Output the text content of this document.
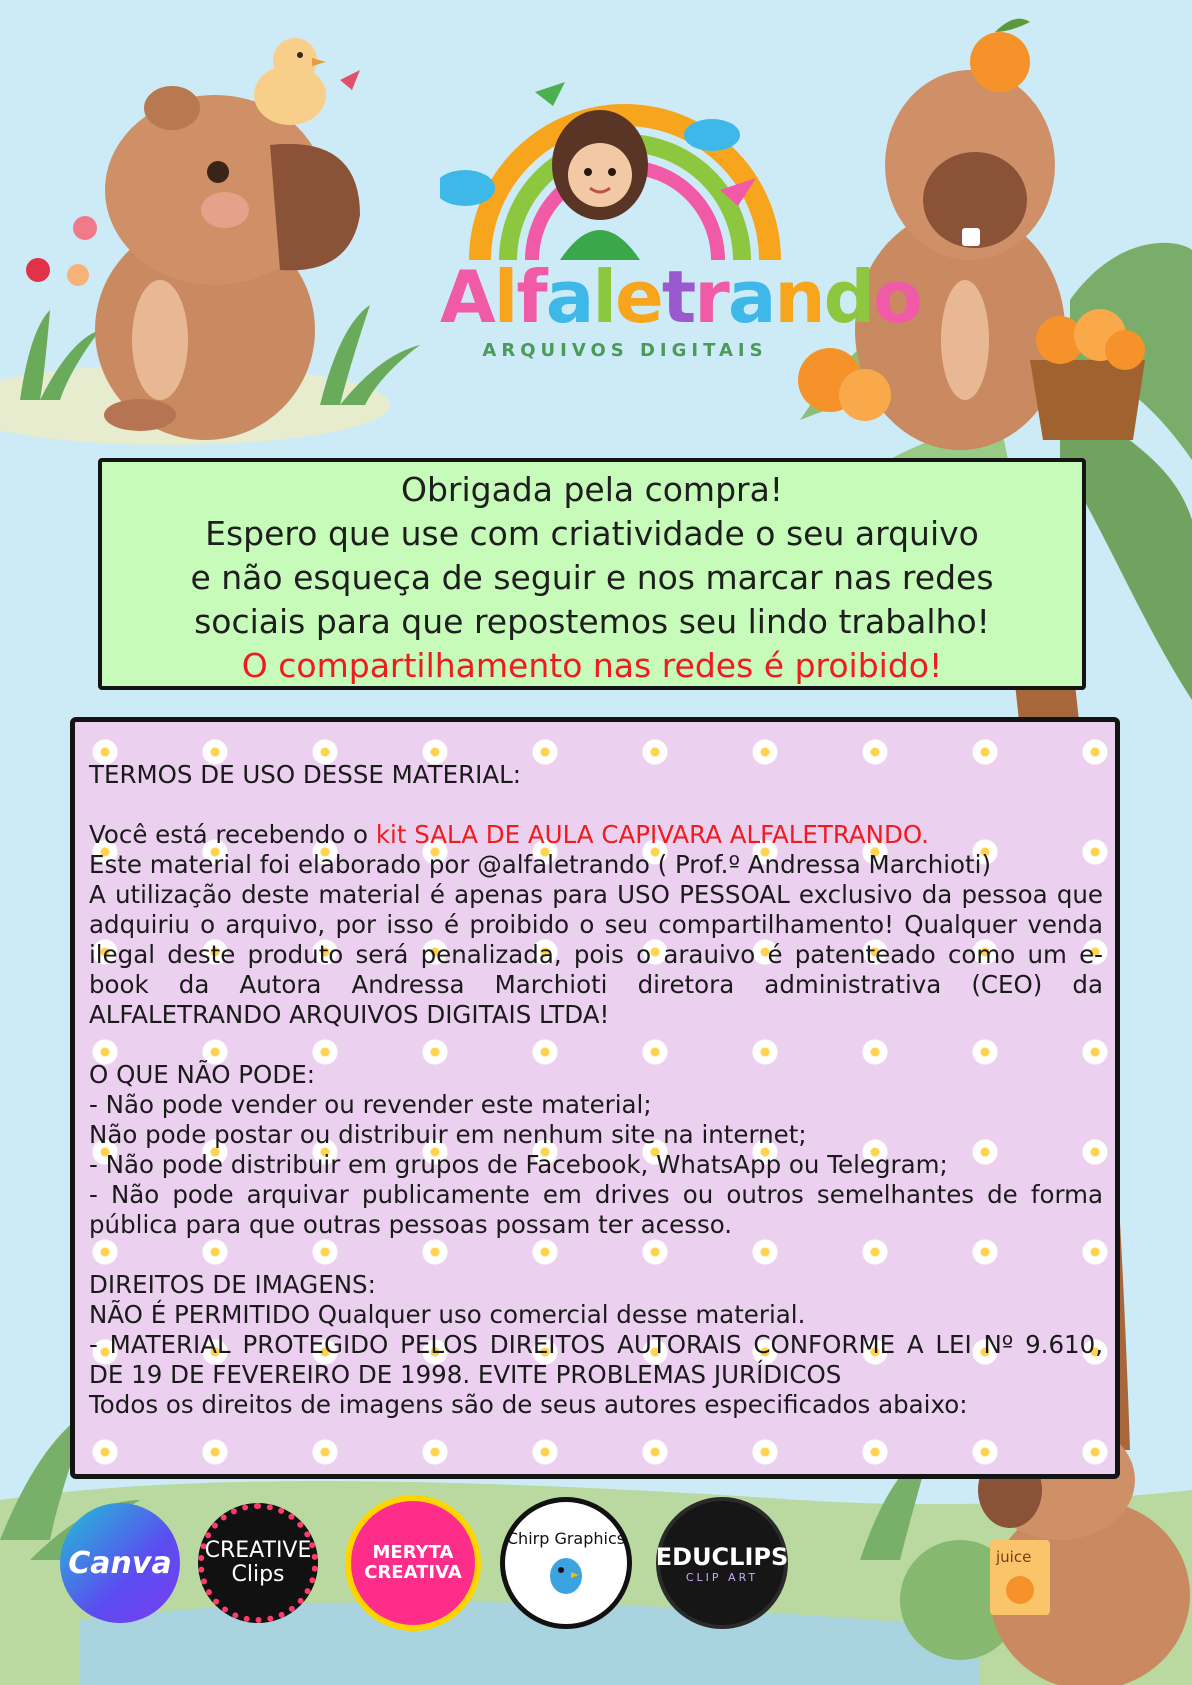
juice
Alfaletrando
ARQUIVOS DIGITAIS
Obrigada pela compra!
Espero que use com criatividade o seu arquivo
e não esqueça de seguir e nos marcar nas redes
sociais para que repostemos seu lindo trabalho!
O compartilhamento nas redes é proibido!

TERMOS DE USO DESSE MATERIAL:

Você está recebendo o kit SALA DE AULA CAPIVARA ALFALETRANDO.

Este material foi elaborado por @alfaletrando ( Prof.º Andressa Marchioti)

A utilização deste material é apenas para USO PESSOAL exclusivo da pessoa que adquiriu o arquivo, por isso é proibido o seu compartilhamento! Qualquer venda ilegal deste produto será penalizada, pois o arauivo é patenteado como um e-book da Autora Andressa Marchioti diretora administrativa (CEO) da ALFALETRANDO ARQUIVOS DIGITAIS LTDA!

O QUE NÃO PODE:

- Não pode vender ou revender este material;

Não pode postar ou distribuir em nenhum site na internet;

- Não pode distribuir em grupos de Facebook, WhatsApp ou Telegram;

- Não pode arquivar publicamente em drives ou outros semelhantes de forma pública para que outras pessoas possam ter acesso.

DIREITOS DE IMAGENS:

NÃO É PERMITIDO Qualquer uso comercial desse material.

- MATERIAL PROTEGIDO PELOS DIREITOS AUTORAIS CONFORME A LEI Nº 9.610, DE 19 DE FEVEREIRO DE 1998. EVITE PROBLEMAS JURÍDICOS

Todos os direitos de imagens são de seus autores especificados abaixo:

Canva CREATIVE
Clips
MERYTA
CREATIVA
Chirp Graphics
EDUCLIPS
CLIP ART
